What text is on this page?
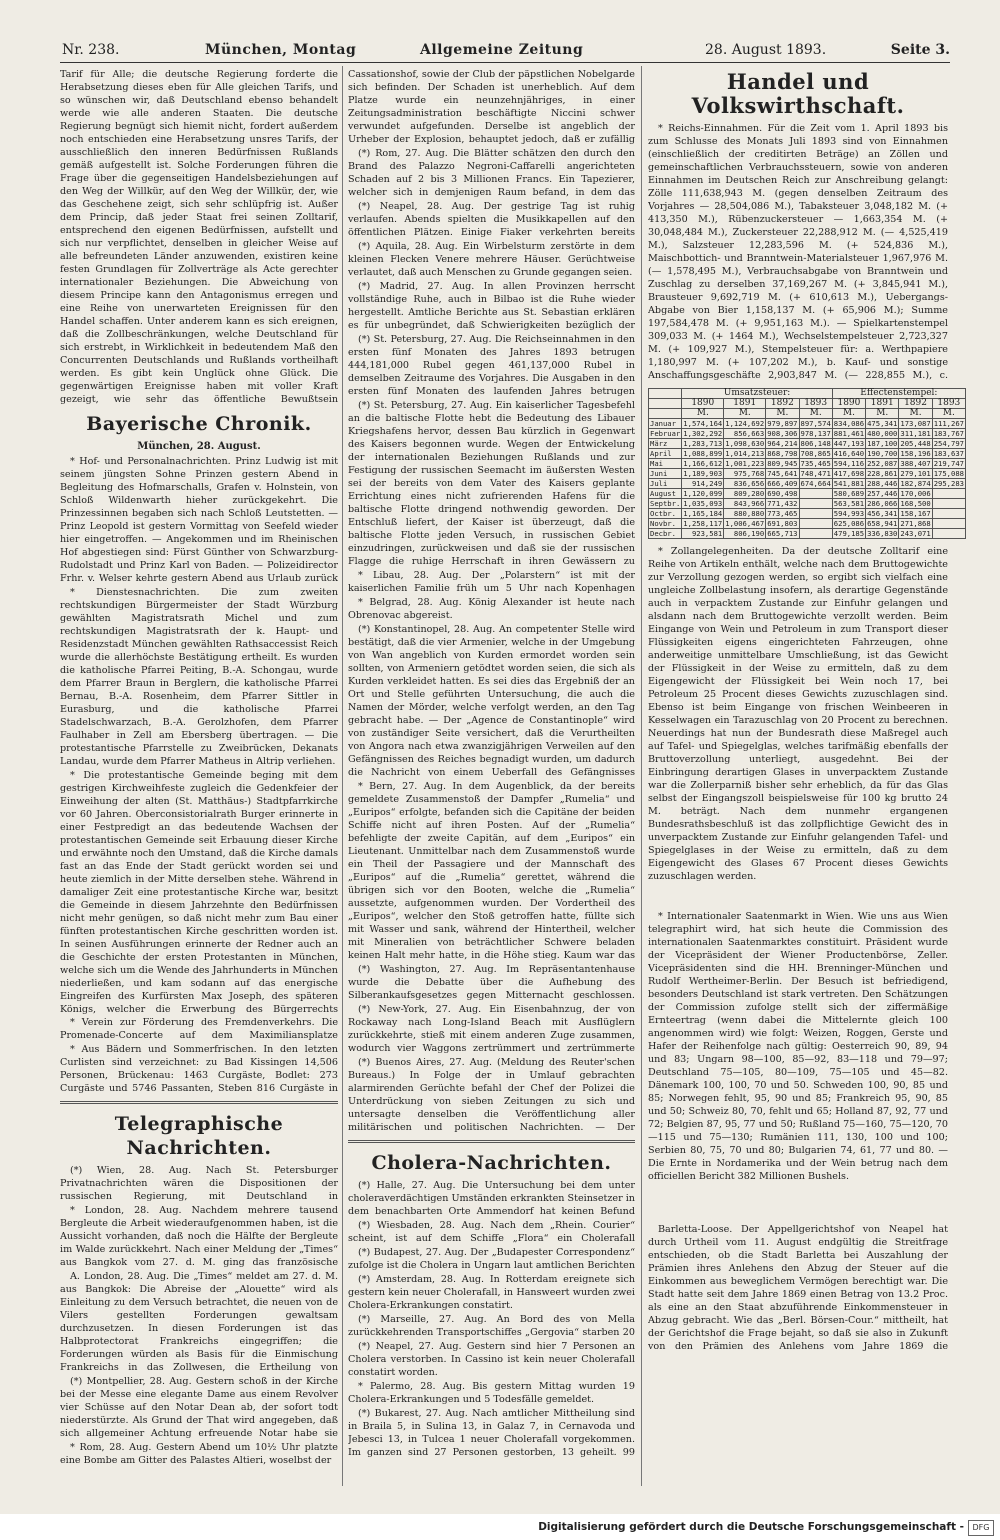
Nr. 238.	München, Montag	Allgemeine Zeitung	28. August 1893.	Seite 3.

Tarif für Alle; die deutsche Regierung forderte die Herabsetzung dieses eben für Alle gleichen Tarifs, und so wünschen wir, daß Deutschland ebenso behandelt werde wie alle anderen Staaten. Die deutsche Regierung begnügt sich hiemit nicht, fordert außerdem noch entschieden eine Herabsetzung unsres Tarifs, der ausschließlich den inneren Bedürfnissen Rußlands gemäß aufgestellt ist. Solche Forderungen führen die Frage über die gegenseitigen Handelsbeziehungen auf den Weg der Willkür, auf den Weg der Willkür, der, wie das Geschehene zeigt, sich sehr schlüpfrig ist. Außer dem Princip, daß jeder Staat frei seinen Zolltarif, entsprechend den eigenen Bedürfnissen, aufstellt und sich nur verpflichtet, denselben in gleicher Weise auf alle befreundeten Länder anzuwenden, existiren keine festen Grundlagen für Zollverträge als Acte gerechter internationaler Beziehungen. Die Abweichung von diesem Principe kann den Antagonismus erregen und eine Reihe von unerwarteten Ereignissen für den Handel schaffen. Unter anderem kann es sich ereignen, daß die Zollbeschränkungen, welche Deutschland für sich erstrebt, in Wirklichkeit in bedeutendem Maß den Concurrenten Deutschlands und Rußlands vortheilhaft werden. Es gibt kein Unglück ohne Glück. Die gegenwärtigen Ereignisse haben mit voller Kraft gezeigt, wie sehr das öffentliche Bewußtsein

Bayerische Chronik.
München, 28. August.

* Hof- und Personalnachrichten. Prinz Ludwig ist mit seinem jüngsten Sohne Prinzen gestern Abend in Begleitung des Hofmarschalls, Grafen v. Holnstein, von Schloß Wildenwarth hieher zurückgekehrt. Die Prinzessinnen begaben sich nach Schloß Leutstetten. — Prinz Leopold ist gestern Vormittag von Seefeld wieder hier eingetroffen. — Angekommen und im Rheinischen Hof abgestiegen sind: Fürst Günther von Schwarzburg-Rudolstadt und Prinz Karl von Baden. — Polizeidirector Frhr. v. Welser kehrte gestern Abend aus Urlaub zurück

* Dienstesnachrichten. Die zum zweiten rechtskundigen Bürgermeister der Stadt Würzburg gewählten Magistratsrath Michel und zum rechtskundigen Magistratsrath der k. Haupt- und Residenzstadt München gewählten Rathsaccessist Reich wurde die allerhöchste Bestätigung ertheilt. Es wurden die katholische Pfarrei Peiting, B.-A. Schongau, wurde dem Pfarrer Braun in Berglern, die katholische Pfarrei Bernau, B.-A. Rosenheim, dem Pfarrer Sittler in Eurasburg, und die katholische Pfarrei Stadelschwarzach, B.-A. Gerolzhofen, dem Pfarrer Faulhaber in Zell am Ebersberg übertragen. — Die protestantische Pfarrstelle zu Zweibrücken, Dekanats Landau, wurde dem Pfarrer Matheus in Altrip verliehen.

* Die protestantische Gemeinde beging mit dem gestrigen Kirchweihfeste zugleich die Gedenkfeier der Einweihung der alten (St. Matthäus-) Stadtpfarrkirche vor 60 Jahren. Oberconsistorialrath Burger erinnerte in einer Festpredigt an das bedeutende Wachsen der protestantischen Gemeinde seit Erbauung dieser Kirche und erwähnte noch den Umstand, daß die Kirche damals fast an das Ende der Stadt gerückt worden sei und heute ziemlich in der Mitte derselben stehe. Während in damaliger Zeit eine protestantische Kirche war, besitzt die Gemeinde in diesem Jahrzehnte den Bedürfnissen nicht mehr genügen, so daß nicht mehr zum Bau einer fünften protestantischen Kirche geschritten worden ist. In seinen Ausführungen erinnerte der Redner auch an die Geschichte der ersten Protestanten in München, welche sich um die Wende des Jahrhunderts in München niederließen, und kam sodann auf das energische Eingreifen des Kurfürsten Max Joseph, des späteren Königs, welcher die Erwerbung des Bürgerrechts

* Verein zur Förderung des Fremdenverkehrs. Die Promenade-Concerte auf dem Maximiliansplatze

* Aus Bädern und Sommerfrischen. In den letzten Curlisten sind verzeichnet: zu Bad Kissingen 14,506 Personen, Brückenau: 1463 Curgäste, Bodlet: 273 Curgäste und 5746 Passanten, Steben 816 Curgäste in

Telegraphische Nachrichten.

(*) Wien, 28. Aug. Nach St. Petersburger Privatnachrichten wären die Dispositionen der russischen Regierung, mit Deutschland in

* London, 28. Aug. Nachdem mehrere tausend Bergleute die Arbeit wiederaufgenommen haben, ist die Aussicht vorhanden, daß noch die Hälfte der Bergleute im Walde zurückkehrt. Nach einer Meldung der „Times“ aus Bangkok vom 27. d. M. ging das französische

A. London, 28. Aug. Die „Times“ meldet am 27. d. M. aus Bangkok: Die Abreise der „Alouette“ wird als Einleitung zu dem Versuch betrachtet, die neuen von de Vilers gestellten Forderungen gewaltsam durchzusetzen. In diesen Forderungen ist das Halbprotectorat Frankreichs eingegriffen; die Forderungen würden als Basis für die Einmischung Frankreichs in das Zollwesen, die Ertheilung von

(*) Montpellier, 28. Aug. Gestern schoß in der Kirche bei der Messe eine elegante Dame aus einem Revolver vier Schüsse auf den Notar Dean ab, der sofort todt niederstürzte. Als Grund der That wird angegeben, daß sich allgemeiner Achtung erfreuende Notar habe sie

* Rom, 28. Aug. Gestern Abend um 10½ Uhr platzte eine Bombe am Gitter des Palastes Altieri, woselbst der

Cassationshof, sowie der Club der päpstlichen Nobelgarde sich befinden. Der Schaden ist unerheblich. Auf dem Platze wurde ein neunzehnjähriges, in einer Zeitungsadministration beschäftigte Niccini schwer verwundet aufgefunden. Derselbe ist angeblich der Urheber der Explosion, behauptet jedoch, daß er zufällig

(*) Rom, 27. Aug. Die Blätter schätzen den durch den Brand des Palazzo Negroni-Caffarelli angerichteten Schaden auf 2 bis 3 Millionen Francs. Ein Tapezierer, welcher sich in demjenigen Raum befand, in dem das

(*) Neapel, 28. Aug. Der gestrige Tag ist ruhig verlaufen. Abends spielten die Musikkapellen auf den öffentlichen Plätzen. Einige Fiaker verkehrten bereits

(*) Aquila, 28. Aug. Ein Wirbelsturm zerstörte in dem kleinen Flecken Venere mehrere Häuser. Gerüchtweise verlautet, daß auch Menschen zu Grunde gegangen seien.

(*) Madrid, 27. Aug. In allen Provinzen herrscht vollständige Ruhe, auch in Bilbao ist die Ruhe wieder hergestellt. Amtliche Berichte aus St. Sebastian erklären es für unbegründet, daß Schwierigkeiten bezüglich der

(*) St. Petersburg, 27. Aug. Die Reichseinnahmen in den ersten fünf Monaten des Jahres 1893 betrugen 444,181,000 Rubel gegen 461,137,000 Rubel in demselben Zeitraume des Vorjahres. Die Ausgaben in den ersten fünf Monaten des laufenden Jahres betrugen

(*) St. Petersburg, 27. Aug. Ein kaiserlicher Tagesbefehl an die baltische Flotte hebt die Bedeutung des Libauer Kriegshafens hervor, dessen Bau kürzlich in Gegenwart des Kaisers begonnen wurde. Wegen der Entwickelung der internationalen Beziehungen Rußlands und zur Festigung der russischen Seemacht im äußersten Westen sei der bereits von dem Vater des Kaisers geplante Errichtung eines nicht zufrierenden Hafens für die baltische Flotte dringend nothwendig geworden. Der Entschluß liefert, der Kaiser ist überzeugt, daß die baltische Flotte jeden Versuch, in russischen Gebiet einzudringen, zurückweisen und daß sie der russischen Flagge die ruhige Herrschaft in ihren Gewässern zu

* Libau, 28. Aug. Der „Polarstern“ ist mit der kaiserlichen Familie früh um 5 Uhr nach Kopenhagen

* Belgrad, 28. Aug. König Alexander ist heute nach Obrenovac abgereist.

(*) Konstantinopel, 28. Aug. An competenter Stelle wird bestätigt, daß die vier Armenier, welche in der Umgebung von Wan angeblich von Kurden ermordet worden sein sollten, von Armeniern getödtet worden seien, die sich als Kurden verkleidet hatten. Es sei dies das Ergebniß der an Ort und Stelle geführten Untersuchung, die auch die Namen der Mörder, welche verfolgt werden, an den Tag gebracht habe. — Der „Agence de Constantinople“ wird von zuständiger Seite versichert, daß die Verurtheilten von Angora nach etwa zwanzigjährigen Verweilen auf den Gefängnissen des Reiches begnadigt wurden, um dadurch die Nachricht von einem Ueberfall des Gefängnisses

* Bern, 27. Aug. In dem Augenblick, da der bereits gemeldete Zusammenstoß der Dampfer „Rumelia“ und „Euripos“ erfolgte, befanden sich die Capitäne der beiden Schiffe nicht auf ihren Posten. Auf der „Rumelia“ befehligte der zweite Capitän, auf dem „Euripos“ ein Lieutenant. Unmittelbar nach dem Zusammenstoß wurde ein Theil der Passagiere und der Mannschaft des „Euripos“ auf die „Rumelia“ gerettet, während die übrigen sich vor den Booten, welche die „Rumelia“ aussetzte, aufgenommen wurden. Der Vordertheil des „Euripos“, welcher den Stoß getroffen hatte, füllte sich mit Wasser und sank, während der Hintertheil, welcher mit Mineralien von beträchtlicher Schwere beladen keinen Halt mehr hatte, in die Höhe stieg. Kaum war das

(*) Washington, 27. Aug. Im Repräsentantenhause wurde die Debatte über die Aufhebung des Silberankaufsgesetzes gegen Mitternacht geschlossen.

(*) New-York, 27. Aug. Ein Eisenbahnzug, der von Rockaway nach Long-Island Beach mit Ausflüglern zurückkehrte, stieß mit einem anderen Zuge zusammen, wodurch vier Waggons zertrümmert und zertrümmerte

(*) Buenos Aires, 27. Aug. (Meldung des Reuter'schen Bureaus.) In Folge der in Umlauf gebrachten alarmirenden Gerüchte befahl der Chef der Polizei die Unterdrückung von sieben Zeitungen zu sich und untersagte denselben die Veröffentlichung aller militärischen und politischen Nachrichten. — Der

Cholera-Nachrichten.

(*) Halle, 27. Aug. Die Untersuchung bei dem unter choleraverdächtigen Umständen erkrankten Steinsetzer in dem benachbarten Orte Ammendorf hat keinen Befund

(*) Wiesbaden, 28. Aug. Nach dem „Rhein. Courier“ scheint, ist auf dem Schiffe „Flora“ ein Cholerafall

(*) Budapest, 27. Aug. Der „Budapester Correspondenz“ zufolge ist die Cholera in Ungarn laut amtlichen Berichten

(*) Amsterdam, 28. Aug. In Rotterdam ereignete sich gestern kein neuer Cholerafall, in Hansweert wurden zwei Cholera-Erkrankungen constatirt.

(*) Marseille, 27. Aug. An Bord des von Mella zurückkehrenden Transportschiffes „Gergovia“ starben 20

(*) Neapel, 27. Aug. Gestern sind hier 7 Personen an Cholera verstorben. In Cassino ist kein neuer Cholerafall constatirt worden.

* Palermo, 28. Aug. Bis gestern Mittag wurden 19 Cholera-Erkrankungen und 5 Todesfälle gemeldet.

(*) Bukarest, 27. Aug. Nach amtlicher Mittheilung sind in Braila 5, in Sulina 13, in Galaz 7, in Cernavoda und Jebesci 13, in Tulcea 1 neuer Cholerafall vorgekommen. Im ganzen sind 27 Personen gestorben, 13 geheilt. 99

Handel und Volkswirthschaft.

* Reichs-Einnahmen. Für die Zeit vom 1. April 1893 bis zum Schlusse des Monats Juli 1893 sind von Einnahmen (einschließlich der creditirten Beträge) an Zöllen und gemeinschaftlichen Verbrauchssteuern, sowie von anderen Einnahmen im Deutschen Reich zur Anschreibung gelangt: Zölle 111,638,943 M. (gegen denselben Zeitraum des Vorjahres — 28,504,086 M.), Tabaksteuer 3,048,182 M. (+ 413,350 M.), Rübenzuckersteuer — 1,663,354 M. (+ 30,048,484 M.), Zuckersteuer 22,288,912 M. (— 4,525,419 M.), Salzsteuer 12,283,596 M. (+ 524,836 M.), Maischbottich- und Branntwein-Materialsteuer 1,967,976 M. (— 1,578,495 M.), Verbrauchsabgabe von Branntwein und Zuschlag zu derselben 37,169,267 M. (+ 3,845,941 M.), Brausteuer 9,692,719 M. (+ 610,613 M.), Uebergangs-Abgabe von Bier 1,158,137 M. (+ 65,906 M.); Summe 197,584,478 M. (+ 9,951,163 M.). — Spielkartenstempel 309,033 M. (+ 1464 M.), Wechselstempelsteuer 2,723,327 M. (+ 109,927 M.), Stempelsteuer für: a. Werthpapiere 1,180,997 M. (+ 107,202 M.), b. Kauf- und sonstige Anschaffungsgeschäfte 2,903,847 M. (— 228,855 M.), c.

	Umsatzsteuer:				Effectenstempel:			
	1890	1891	1892	1893	1890	1891	1892	1893
	M.	M.	M.	M.	M.	M.	M.	M.
Januar	1,574,164	1,124,692	979,897	897,574	834,086	475,341	173,087	111,267
Februar	1,302,292	856,663	908,306	978,137	881,461	480,000	311,181	183,767
März	1,283,713	1,098,630	964,214	806,148	447,193	187,100	205,448	254,797
April	1,088,899	1,014,213	868,798	708,865	416,640	190,700	158,196	183,637
Mai	1,166,612	1,001,223	809,945	735,465	594,116	252,087	388,407	219,747
Juni	1,189,903	975,768	745,641	748,471	417,698	228,861	279,101	175,088
Juli	914,249	836,656	666,409	674,664	541,881	288,446	182,874	295,283
August	1,120,099	809,280	690,498		580,689	257,446	170,006	
Septbr.	1,035,093	843,966	771,432		563,581	286,066	168,500	
Octbr.	1,165,184	880,880	773,465		594,993	456,341	158,167	
Novbr.	1,258,117	1,006,467	691,803		625,086	658,941	271,868	
Decbr.	923,581	806,190	665,713		479,185	336,830	243,071	

* Zollangelegenheiten. Da der deutsche Zolltarif eine Reihe von Artikeln enthält, welche nach dem Bruttogewichte zur Verzollung gezogen werden, so ergibt sich vielfach eine ungleiche Zollbelastung insofern, als derartige Gegenstände auch in verpacktem Zustande zur Einfuhr gelangen und alsdann nach dem Bruttogewichte verzollt werden. Beim Eingange von Wein und Petroleum in zum Transport dieser Flüssigkeiten eigens eingerichteten Fahrzeugen, ohne anderweitige unmittelbare Umschließung, ist das Gewicht der Flüssigkeit in der Weise zu ermitteln, daß zu dem Eigengewicht der Flüssigkeit bei Wein noch 17, bei Petroleum 25 Procent dieses Gewichts zuzuschlagen sind. Ebenso ist beim Eingange von frischen Weinbeeren in Kesselwagen ein Tarazuschlag von 20 Procent zu berechnen. Neuerdings hat nun der Bundesrath diese Maßregel auch auf Tafel- und Spiegelglas, welches tarifmäßig ebenfalls der Bruttoverzollung unterliegt, ausgedehnt. Bei der Einbringung derartigen Glases in unverpacktem Zustande war die Zollerparniß bisher sehr erheblich, da für das Glas selbst der Eingangszoll beispielsweise für 100 kg brutto 24 M. beträgt. Nach dem nunmehr ergangenen Bundesrathsbeschluß ist das zollpflichtige Gewicht des in unverpacktem Zustande zur Einfuhr gelangenden Tafel- und Spiegelglases in der Weise zu ermitteln, daß zu dem Eigengewicht des Glases 67 Procent dieses Gewichts zuzuschlagen werden.

* Internationaler Saatenmarkt in Wien. Wie uns aus Wien telegraphirt wird, hat sich heute die Commission des internationalen Saatenmarktes constituirt. Präsident wurde der Vicepräsident der Wiener Productenbörse, Zeller. Vicepräsidenten sind die HH. Brenninger-München und Rudolf Wertheimer-Berlin. Der Besuch ist befriedigend, besonders Deutschland ist stark vertreten. Den Schätzungen der Commission zufolge stellt sich der ziffermäßige Ernteertrag (wenn dabei die Mittelernte gleich 100 angenommen wird) wie folgt: Weizen, Roggen, Gerste und Hafer der Reihenfolge nach gültig: Oesterreich 90, 89, 94 und 83; Ungarn 98—100, 85—92, 83—118 und 79—97; Deutschland 75—105, 80—109, 75—105 und 45—82. Dänemark 100, 100, 70 und 50. Schweden 100, 90, 85 und 85; Norwegen fehlt, 95, 90 und 85; Frankreich 95, 90, 85 und 50; Schweiz 80, 70, fehlt und 65; Holland 87, 92, 77 und 72; Belgien 87, 95, 77 und 50; Rußland 75—160, 75—120, 70—115 und 75—130; Rumänien 111, 130, 100 und 100; Serbien 80, 75, 70 und 80; Bulgarien 74, 61, 77 und 80. — Die Ernte in Nordamerika und der Wein betrug nach dem officiellen Bericht 382 Millionen Bushels.

Barletta-Loose. Der Appellgerichtshof von Neapel hat durch Urtheil vom 11. August endgültig die Streitfrage entschieden, ob die Stadt Barletta bei Auszahlung der Prämien ihres Anlehens den Abzug der Steuer auf die Einkommen aus beweglichem Vermögen berechtigt war. Die Stadt hatte seit dem Jahre 1869 einen Betrag von 13.2 Proc. als eine an den Staat abzuführende Einkommensteuer in Abzug gebracht. Wie das „Berl. Börsen-Cour.“ mittheilt, hat der Gerichtshof die Frage bejaht, so daß sie also in Zukunft von den Prämien des Anlehens vom Jahre 1869 die

Digitalisierung gefördert durch die Deutsche Forschungsgemeinschaft -	DFG
